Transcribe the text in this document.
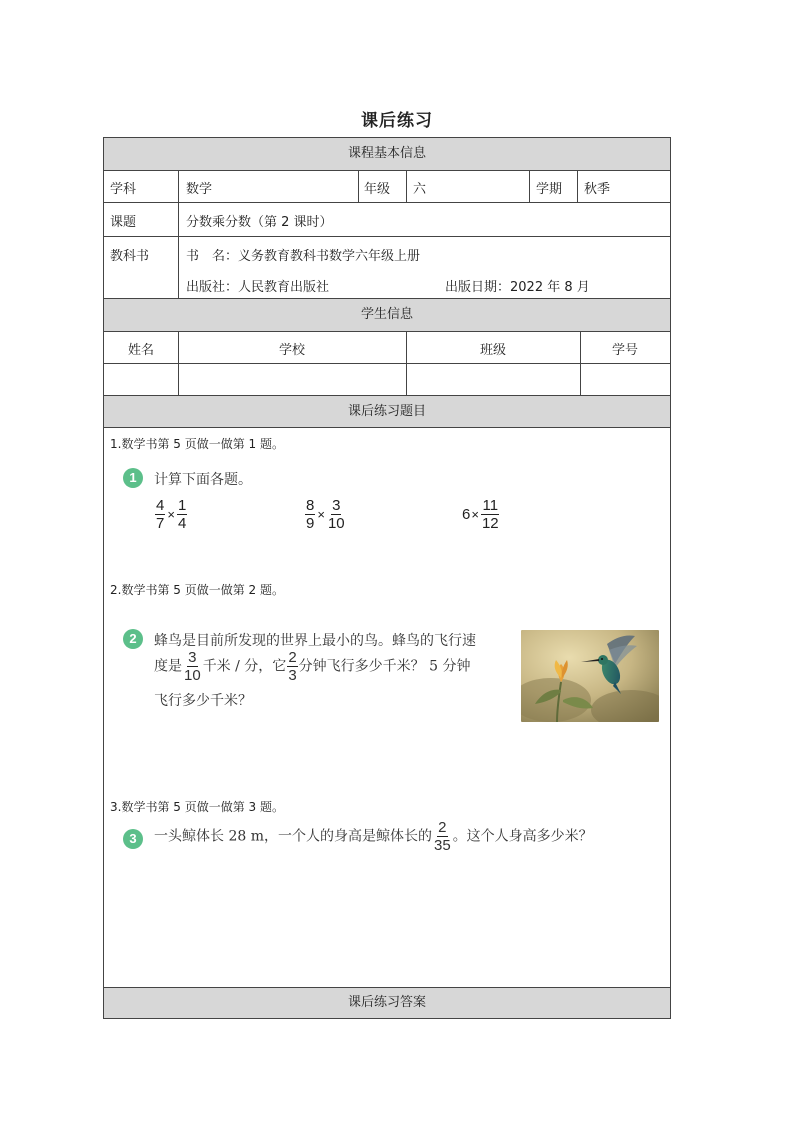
课后练习
课程基本信息
学科	数学	年级 六	学期 秋季
课题	分数乘分数（第 2 课时）
教科书	书　名：义务教育教科书数学六年级上册
出版社：人民教育出版社	出版日期：2022 年 8 月
学生信息
姓名	学校	班级	学号
课后练习题目
1.数学书第 5 页做一做第 1 题。
1	计算下面各题。
$\frac{4}{7} \times \frac{1}{4}$	$\frac{8}{9} \times \frac{3}{10}$	$6\times \frac{11}{12}$
2.数学书第 5 页做一做第 2 题。
2	蜂鸟是目前所发现的世界上最小的鸟。蜂鸟的飞行速
度是 $\frac{3}{10}$ 千米 / 分，它 $\frac{2}{3}$ 分钟飞行多少千米？ 5 分钟
飞行多少千米？
3.数学书第 5 页做一做第 3 题。
3	一头鲸体长 28 m，一个人的身高是鲸体长的 $\frac{2}{35}$ 。这个人身高多少米？
课后练习答案
